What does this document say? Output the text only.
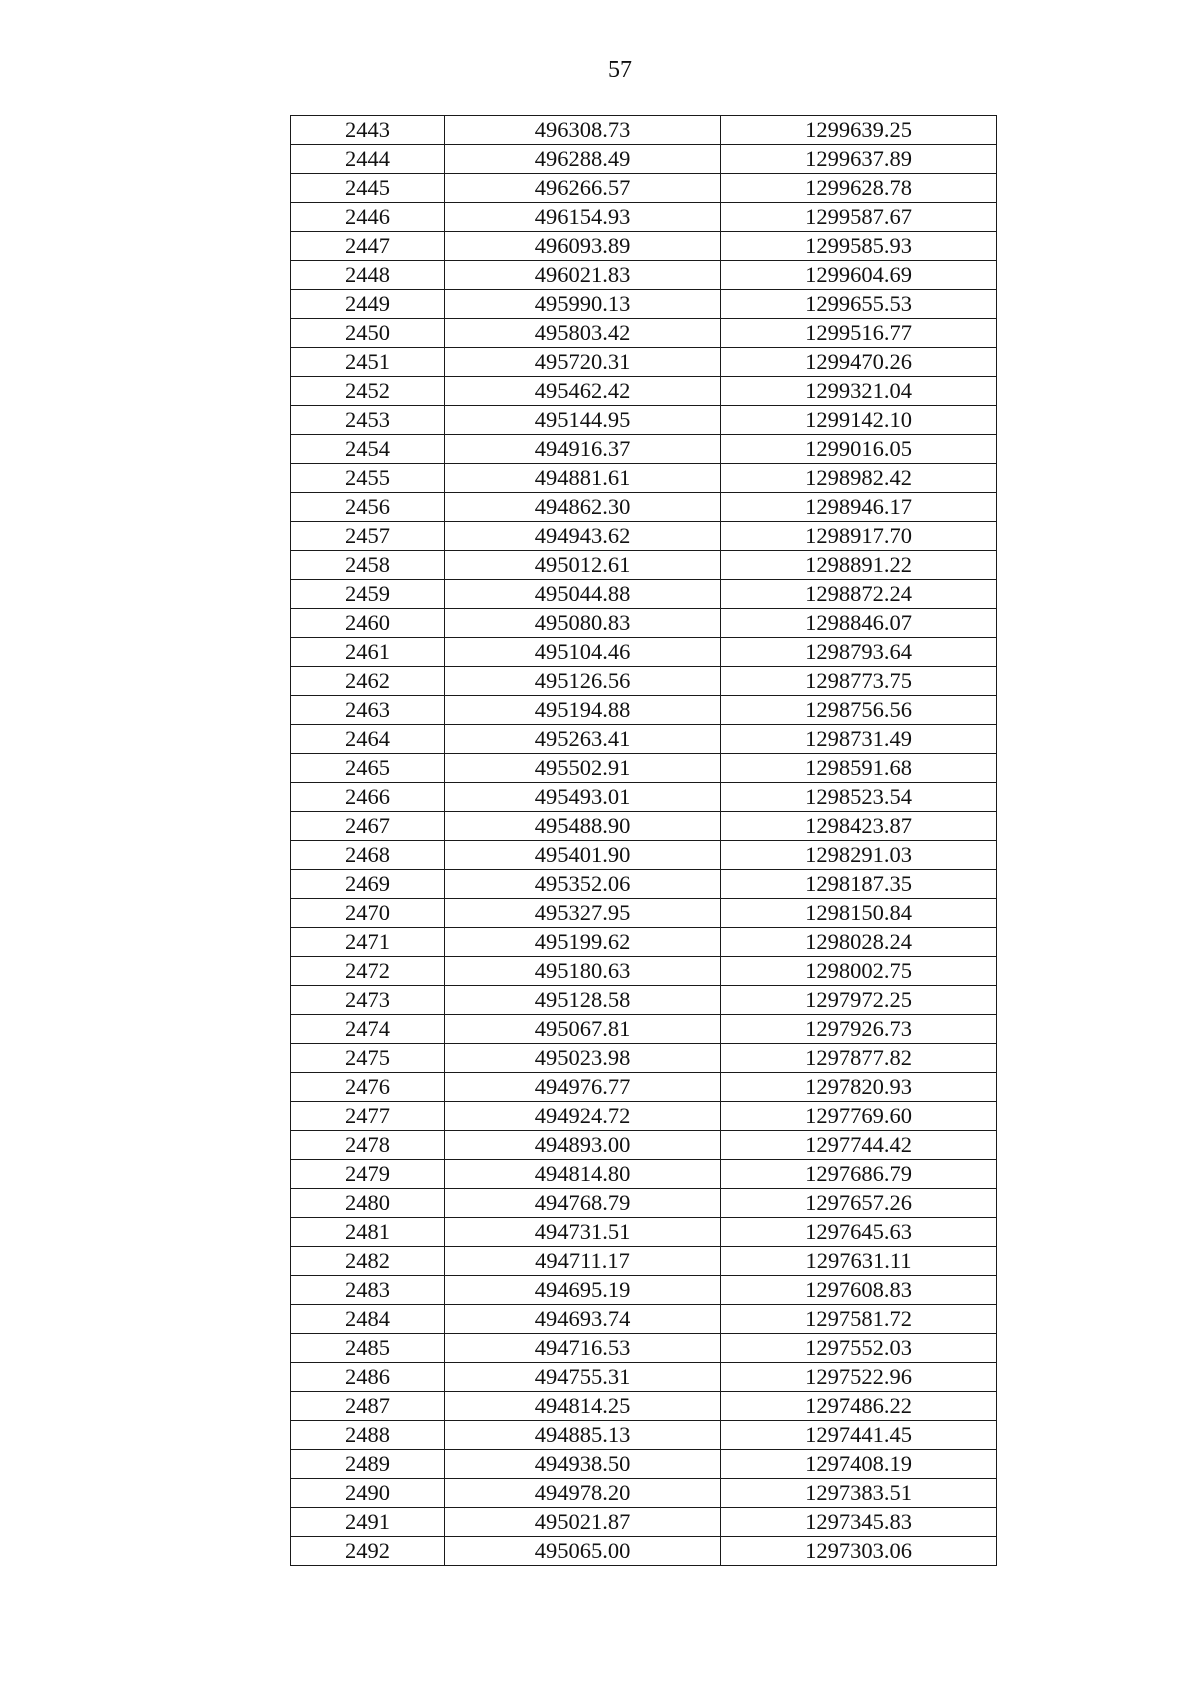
57
2443	496308.73	1299639.25
2444	496288.49	1299637.89
2445	496266.57	1299628.78
2446	496154.93	1299587.67
2447	496093.89	1299585.93
2448	496021.83	1299604.69
2449	495990.13	1299655.53
2450	495803.42	1299516.77
2451	495720.31	1299470.26
2452	495462.42	1299321.04
2453	495144.95	1299142.10
2454	494916.37	1299016.05
2455	494881.61	1298982.42
2456	494862.30	1298946.17
2457	494943.62	1298917.70
2458	495012.61	1298891.22
2459	495044.88	1298872.24
2460	495080.83	1298846.07
2461	495104.46	1298793.64
2462	495126.56	1298773.75
2463	495194.88	1298756.56
2464	495263.41	1298731.49
2465	495502.91	1298591.68
2466	495493.01	1298523.54
2467	495488.90	1298423.87
2468	495401.90	1298291.03
2469	495352.06	1298187.35
2470	495327.95	1298150.84
2471	495199.62	1298028.24
2472	495180.63	1298002.75
2473	495128.58	1297972.25
2474	495067.81	1297926.73
2475	495023.98	1297877.82
2476	494976.77	1297820.93
2477	494924.72	1297769.60
2478	494893.00	1297744.42
2479	494814.80	1297686.79
2480	494768.79	1297657.26
2481	494731.51	1297645.63
2482	494711.17	1297631.11
2483	494695.19	1297608.83
2484	494693.74	1297581.72
2485	494716.53	1297552.03
2486	494755.31	1297522.96
2487	494814.25	1297486.22
2488	494885.13	1297441.45
2489	494938.50	1297408.19
2490	494978.20	1297383.51
2491	495021.87	1297345.83
2492	495065.00	1297303.06
